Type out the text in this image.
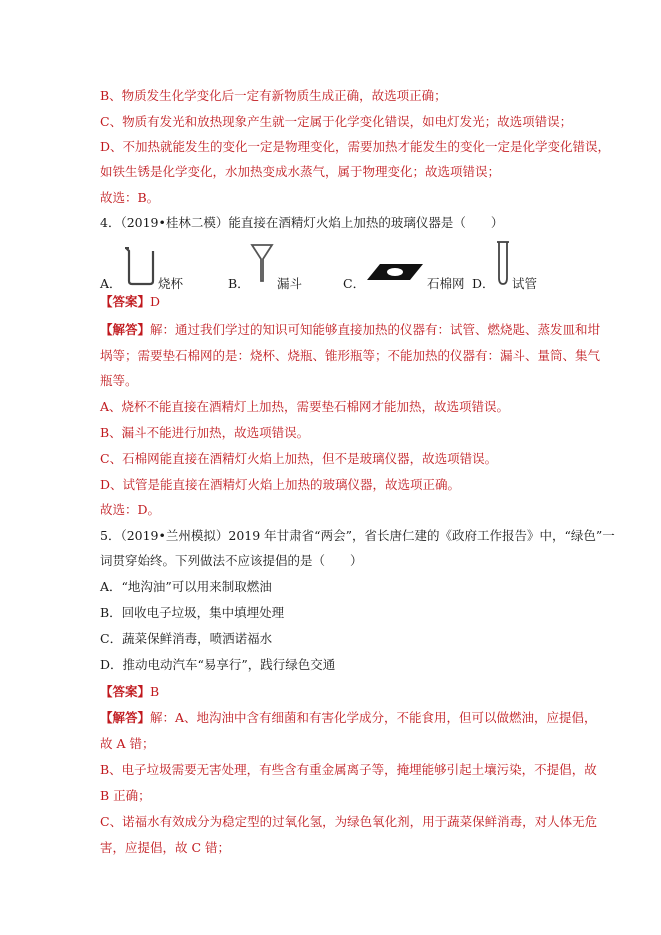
B、物质发生化学变化后一定有新物质生成正确，故选项正确；
C、物质有发光和放热现象产生就一定属于化学变化错误，如电灯发光；故选项错误；
D、不加热就能发生的变化一定是物理变化，需要加热才能发生的变化一定是化学变化错误，
如铁生锈是化学变化，水加热变成水蒸气，属于物理变化；故选项错误；
故选：B。
4．（2019•桂林二模）能直接在酒精灯火焰上加热的玻璃仪器是（　　）
A．	烧杯	B． 漏斗	C．	石棉网 D． 试管
【答案】D
【解答】解：通过我们学过的知识可知能够直接加热的仪器有：试管、燃烧匙、蒸发皿和坩
埚等；需要垫石棉网的是：烧杯、烧瓶、锥形瓶等；不能加热的仪器有：漏斗、量筒、集气
瓶等。
A、烧杯不能直接在酒精灯上加热，需要垫石棉网才能加热，故选项错误。
B、漏斗不能进行加热，故选项错误。
C、石棉网能直接在酒精灯火焰上加热，但不是玻璃仪器，故选项错误。
D、试管是能直接在酒精灯火焰上加热的玻璃仪器，故选项正确。
故选：D。
5．（2019•兰州模拟）2019 年甘肃省“两会”，省长唐仁建的《政府工作报告》中，“绿色”一
词贯穿始终。下列做法不应该提倡的是（　　）
A．“地沟油”可以用来制取燃油
B．回收电子垃圾，集中填埋处理
C．蔬菜保鲜消毒，喷洒诺福水
D．推动电动汽车“易享行”，践行绿色交通
【答案】B
【解答】解：A、地沟油中含有细菌和有害化学成分，不能食用，但可以做燃油，应提倡，
故 A 错；
B、电子垃圾需要无害处理，有些含有重金属离子等，掩埋能够引起土壤污染，不提倡，故
B 正确；
C、诺福水有效成分为稳定型的过氧化氢，为绿色氧化剂，用于蔬菜保鲜消毒，对人体无危
害，应提倡，故 C 错；
